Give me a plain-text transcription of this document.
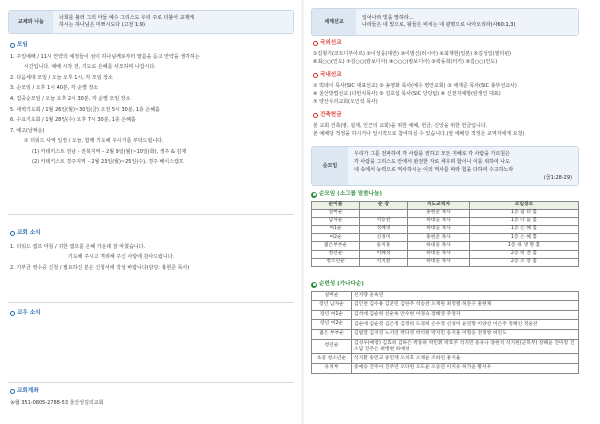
교제와 나눔
너희를 불러 그의 아들 예수 그리스도 우리 주로 더불어 교제케
하시는 하나님은 미쁘시도다 (고전 1:9)
모임
1. 주일예배 / 11시 안약의 예정들이 섬이 하나님께로부터 말씀을 듣고 안약을 생각하는
시간입니다. 예배 시작 전, 기도로 은혜를 사모하며 나갑시다.
2. 다음세대 모임 / 오늘 오후 1시, 각 모임 장소
3. 순모임 / 오후 1시 40분, 각 순별 장소
4. 집중순모임 / 오늘 오후 2시 30분, 각 순별 모임 장소
5. 새벽기도회 / 1월 26일(월)~30일(금) 오전 5시 30분, 1층 은혜홀
6. 수요기도회 / 1월 28일(수) 오후 7시 30분, 1층 은혜홀
7. 예고(날짜순)
① 더워드 사역 일정 / 오늘, 함께 기도해 주시기를 부탁드립니다.
(1) 카데키스트 전남 - 전북지역 – 2월 9일(월)~10일(화), 생주 & 김제
(2) 카데키스트 경주지역 – 2월 23일(월)~25일(수), 경주 베이스캠프
교회 소식
1. 더워드 캠프 마침 / 귀한 캠프를 은혜 가운데 잘 마쳤습니다.
기도해 주시고 격려해 주신 사랑에 감사드립니다.
2. 기부금 영수증 신청 / 필요하신 분은 신청서에 작성 바랍니다(담당: 홍현준 목사)
교우 소식
교회계좌
농협 351-0805-2788-53 울산성김의교회
세계선교
일어나라 빛을 발하라...
나라들은 네 빛으로, 왕들은 비치는 네 광명으로 나아오리라(사60:1,3)
국외선교
①김형기(코트디부아르) ②이성응(대만) ③이범신(러시아) ④최재현(일본) ⑤김성일(필리핀)
⑥최○○(인도) ⑦김○○(캄보디아) ⑧○○○(캄보디아) ⑨곽동희(터키) ⑩김○○(인도)
국내선교
① 빅데이 목사(SIC 대표선교) ② 송영화 목사(예수 평안교회) ③ 채재준 목사(SIC 총부선교사)
④ 울산방법선교 (다빈치목사) ⑤ 김호섭 목사(SIC 당당팀) ⑥ 신천지예방(탄생인 대표)
⑦ 양산우리교회(오인석 목사)
건축헌금
본 교회 건축(땅, 설계, 인근의 교회)을 위한 예배, 헌금, 신앙을 위한 헌금입니다.
본 예배당 적정을 하시거나 일시적으로 참여하실 수 있습니다.(앞 예배당 적정은 교역자에게 요청)
순모임
우리가 그를 전파하여 각 사람을 권하고 모든 지혜로 각 사람을 가르침은
각 사람을 그리스도 안에서 완전한 자로 세우려 함이니 이를 위하여 나도
내 속에서 능력으로 역사하시는 이의 역사를 따라 힘을 다하여 수고하노라
(골1:28-29)
순모임 (소그룹 말씀나눔)
순이름	순 장	지도교역자	모임장소
실버순		홍현준 목사	1층 쉼 터 홀
남자순	석승찬	하대웅 목사	1층 나 눔 홀
여1순	정혜영	하대웅 목사	1층 은 혜 홀
여2순	신경미	홍현준 목사	1층 은 혜 홀
젊은부부순	송지훈	하대웅 목사	1층 새 생 명 홀
청년순	이혜성	하대웅 목사	2층 비 전 홀
청소년순	석지환	하대웅 목사	2층 소 망 홀
순편성 (가나다순)
실버순	신지량 윤옥연
장년 남자순	김인천 김수용 김준민 김한주 석승찬 오재원 최정렬 허문구 홍현채
장년 여1순	김석애 김순희 신순옥 안수현 이경숙 장해영 주정자
장년 여2순	김순애 김순정 김은정 김정희 도경희 손수정 신경미 윤연향 이양선 이은주 정해인 정윤선
젊은 부부순	김범열 김지연 노서연 박다영 박석원 박지민 송지훈 이형웅 전정쌍 허민도
청년순	김성우(매장) 김효희 김하은 박동하 박민휘 박호주 석지민 송유나 양현석 석지원(군복무) 장해윤 전미랑 진소담 진주은 최병현 하예성
초중 청소년순	석지환 송민교 송민재 오치호 오채윤 조하연 홍지율
유치부	송예승 진주아 진주연 오다원 오도윤 오승연 이지유 허가윤 황서우
